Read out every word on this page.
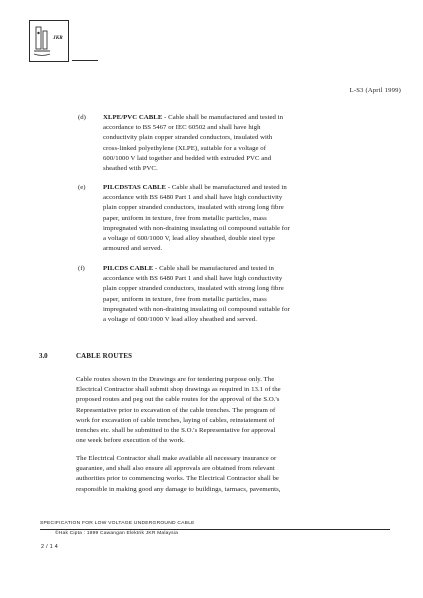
JKR
L-S3 (April 1999)
(d)	XLPE/PVC CABLE - Cable shall be manufactured and tested in
accordance to BS 5467 or IEC 60502 and shall have high
conductivity plain copper stranded conductors, insulated with
cross-linked polyethylene (XLPE), suitable for a voltage of
600/1000 V laid together and bedded with extruded PVC and
sheathed with PVC.
(e)	PILCDSTAS CABLE - Cable shall be manufactured and tested in
accordance with BS 6480 Part 1 and shall have high conductivity
plain copper stranded conductors, insulated with strong long fibre
paper, uniform in texture, free from metallic particles, mass
impregnated with non-draining insulating oil compound suitable for
a voltage of 600/1000 V, lead alloy sheathed, double steel type
armoured and served.
(f)	PILCDS CABLE - Cable shall be manufactured and tested in
accordance with BS 6480 Part 1 and shall have high conductivity
plain copper stranded conductors, insulated with strong long fibre
paper, uniform in texture, free from metallic particles, mass
impregnated with non-draining insulating oil compound suitable for
a voltage of 600/1000 V lead alloy sheathed and served.
3.0	CABLE ROUTES
Cable routes shown in the Drawings are for tendering purpose only. The
Electrical Contractor shall submit shop drawings as required in 13.1 of the
proposed routes and peg out the cable routes for the approval of the S.O.'s
Representative prior to excavation of the cable trenches. The program of
work for excavation of cable trenches, laying of cables, reinstatement of
trenches etc. shall be submitted to the S.O.'s Representative for approval
one week before execution of the work.
The Electrical Contractor shall make available all necessary insurance or
guarantee, and shall also ensure all approvals are obtained from relevant
authorities prior to commencing works. The Electrical Contractor shall be
responsible in making good any damage to buildings, tarmacs, pavements,
SPECIFICATION FOR LOW VOLTAGE UNDERGROUND CABLE
©Hak Cipta : 1999 Cawangan Elektrik JKR Malaysia
2 / 1 4
